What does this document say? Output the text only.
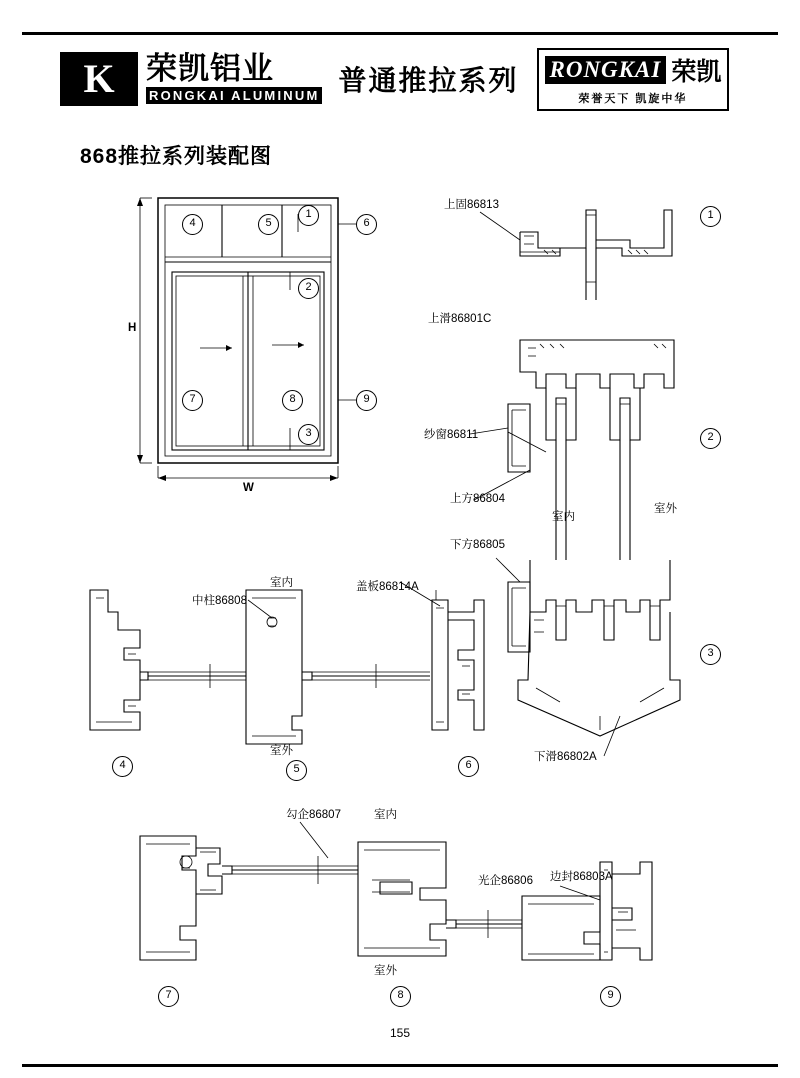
K 荣凯铝业
RONGKAI ALUMINUM 普通推拉系列 RONGKAI 荣凯
荣誉天下 凯旋中华
868推拉系列装配图
H
W
4	5
1
6
2
7	8	9
3
上固86813
上滑86801C
纱窗86811
上方86804
下方86805
下滑86802A
室内
室外
1
2
3
中柱86808
室内	盖板86814A
室外
4	5	6
勾企86807	室内
光企86806 边封86803A
室外
7	8	9
155
